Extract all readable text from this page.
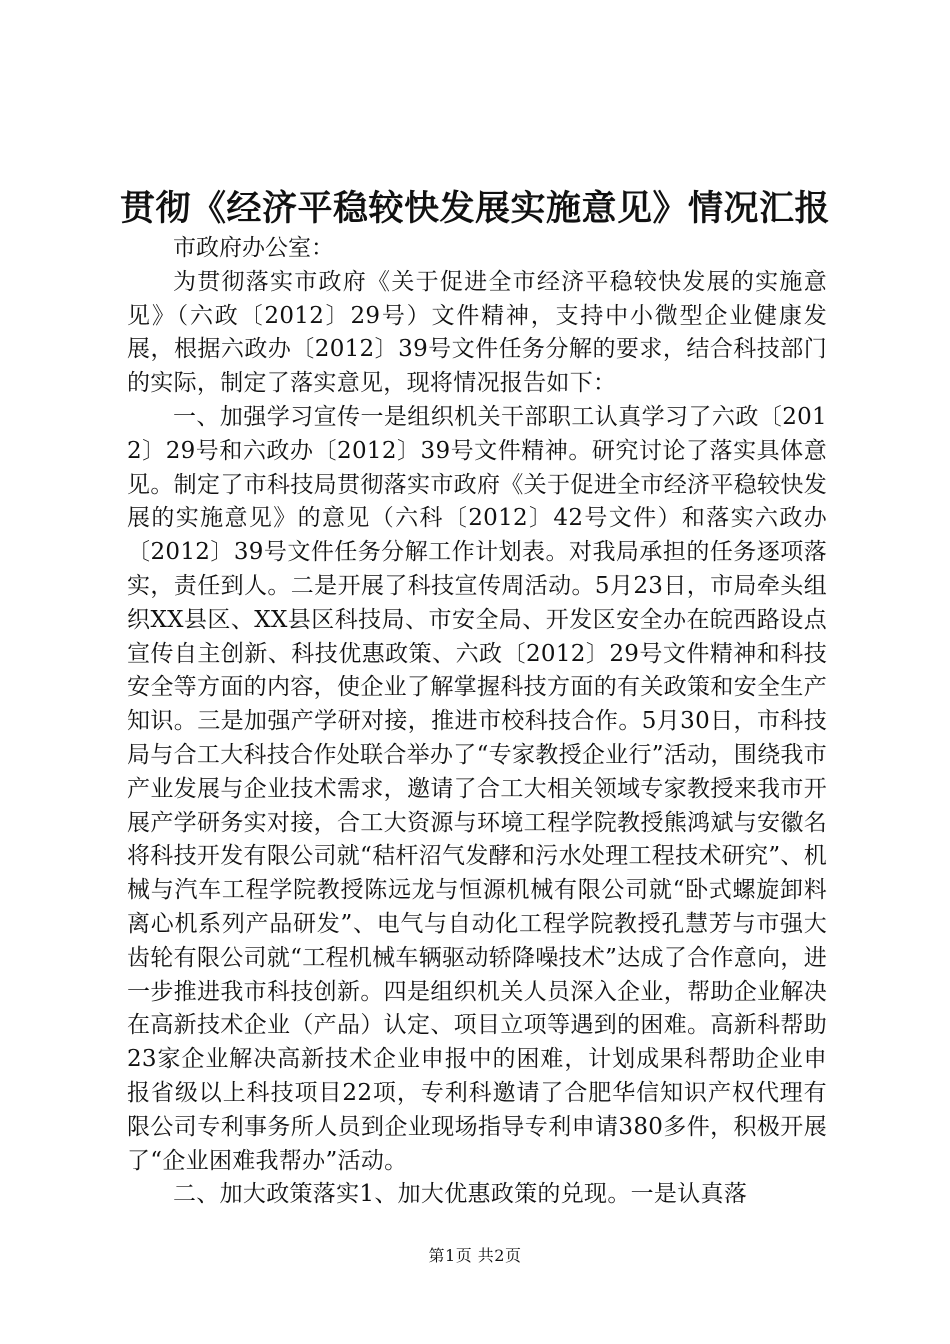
贯彻《经济平稳较快发展实施意见》情况汇报

市政府办公室：

为贯彻落实市政府《关于促进全市经济平稳较快发展的实施意见》（六政〔2012〕29号）文件精神，支持中小微型企业健康发展，根据六政办〔2012〕39号文件任务分解的要求，结合科技部门的实际，制定了落实意见，现将情况报告如下：

一、加强学习宣传一是组织机关干部职工认真学习了六政〔2012〕29号和六政办〔2012〕39号文件精神。研究讨论了落实具体意见。制定了市科技局贯彻落实市政府《关于促进全市经济平稳较快发展的实施意见》的意见（六科〔2012〕42号文件）和落实六政办〔2012〕39号文件任务分解工作计划表。对我局承担的任务逐项落实，责任到人。二是开展了科技宣传周活动。5月23日，市局牵头组织XX县区、XX县区科技局、市安全局、开发区安全办在皖西路设点宣传自主创新、科技优惠政策、六政〔2012〕29号文件精神和科技安全等方面的内容，使企业了解掌握科技方面的有关政策和安全生产知识。三是加强产学研对接，推进市校科技合作。5月30日，市科技局与合工大科技合作处联合举办了“专家教授企业行”活动，围绕我市产业发展与企业技术需求，邀请了合工大相关领域专家教授来我市开展产学研务实对接，合工大资源与环境工程学院教授熊鸿斌与安徽名将科技开发有限公司就“秸杆沼气发酵和污水处理工程技术研究”、机械与汽车工程学院教授陈远龙与恒源机械有限公司就“卧式螺旋卸料离心机系列产品研发”、电气与自动化工程学院教授孔慧芳与市强大齿轮有限公司就“工程机械车辆驱动轿降噪技术”达成了合作意向，进一步推进我市科技创新。四是组织机关人员深入企业，帮助企业解决在高新技术企业（产品）认定、项目立项等遇到的困难。高新科帮助23家企业解决高新技术企业申报中的困难，计划成果科帮助企业申报省级以上科技项目22项，专利科邀请了合肥华信知识产权代理有限公司专利事务所人员到企业现场指导专利申请380多件，积极开展了“企业困难我帮办”活动。

二、加大政策落实1、加大优惠政策的兑现。一是认真落

第1页 共2页
